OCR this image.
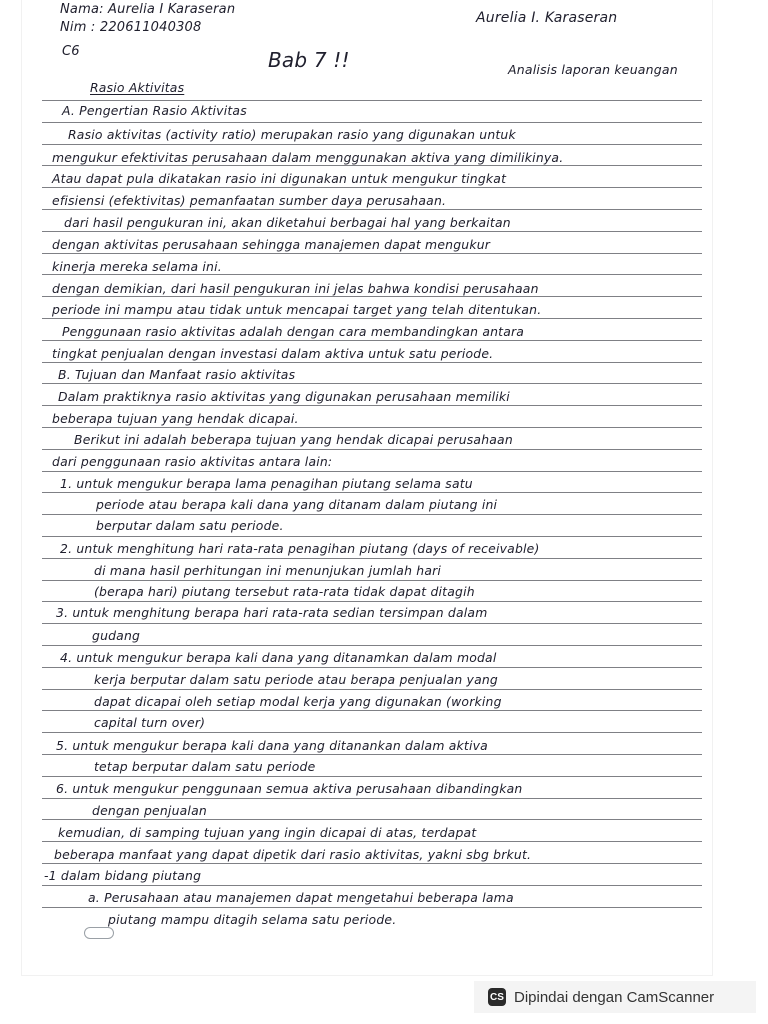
Nama: Aurelia I Karaseran
Nim : 220611040308
C6
Aurelia I. Karaseran
Bab 7 !!	Analisis laporan keuangan
Rasio Aktivitas
A. Pengertian Rasio Aktivitas
Rasio aktivitas (activity ratio) merupakan rasio yang digunakan untuk
mengukur efektivitas perusahaan dalam menggunakan aktiva yang dimilikinya.
Atau dapat pula dikatakan rasio ini digunakan untuk mengukur tingkat
efisiensi (efektivitas) pemanfaatan sumber daya perusahaan.
dari hasil pengukuran ini, akan diketahui berbagai hal yang berkaitan
dengan aktivitas perusahaan sehingga manajemen dapat mengukur
kinerja mereka selama ini.
dengan demikian, dari hasil pengukuran ini jelas bahwa kondisi perusahaan
periode ini mampu atau tidak untuk mencapai target yang telah ditentukan.
Penggunaan rasio aktivitas adalah dengan cara membandingkan antara
tingkat penjualan dengan investasi dalam aktiva untuk satu periode.
B. Tujuan dan Manfaat rasio aktivitas
Dalam praktiknya rasio aktivitas yang digunakan perusahaan memiliki
beberapa tujuan yang hendak dicapai.
Berikut ini adalah beberapa tujuan yang hendak dicapai perusahaan
dari penggunaan rasio aktivitas antara lain:
1. untuk mengukur berapa lama penagihan piutang selama satu
periode atau berapa kali dana yang ditanam dalam piutang ini
berputar dalam satu periode.
2. untuk menghitung hari rata-rata penagihan piutang (days of receivable)
di mana hasil perhitungan ini menunjukan jumlah hari
(berapa hari) piutang tersebut rata-rata tidak dapat ditagih
3. untuk menghitung berapa hari rata-rata sedian tersimpan dalam
gudang
4. untuk mengukur berapa kali dana yang ditanamkan dalam modal
kerja berputar dalam satu periode atau berapa penjualan yang
dapat dicapai oleh setiap modal kerja yang digunakan (working
capital turn over)
5. untuk mengukur berapa kali dana yang ditanankan dalam aktiva
tetap berputar dalam satu periode
6. untuk mengukur penggunaan semua aktiva perusahaan dibandingkan
dengan penjualan
kemudian, di samping tujuan yang ingin dicapai di atas, terdapat
beberapa manfaat yang dapat dipetik dari rasio aktivitas, yakni sbg brkut.
-1 dalam bidang piutang
a. Perusahaan atau manajemen dapat mengetahui beberapa lama
piutang mampu ditagih selama satu periode.
CS Dipindai dengan CamScanner
